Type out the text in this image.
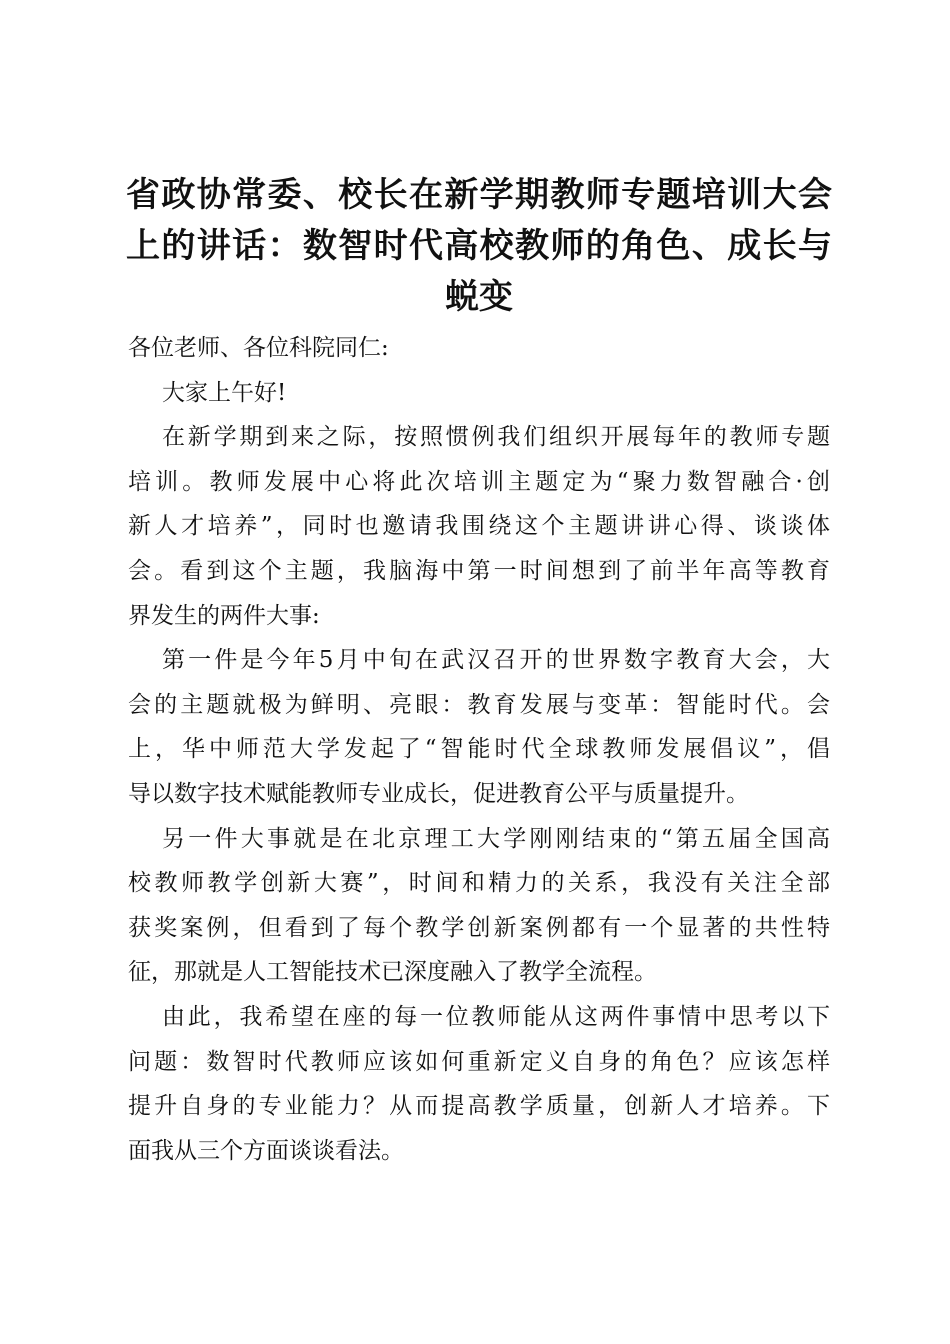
省政协常委、校长在新学期教师专题培训大会
上的讲话：数智时代高校教师的角色、成长与
蜕变
各位老师、各位科院同仁:
大家上午好!
在新学期到来之际，按照惯例我们组织开展每年的教师专题
培训。教师发展中心将此次培训主题定为“聚力数智融合·创
新人才培养”，同时也邀请我围绕这个主题讲讲心得、谈谈体
会。看到这个主题，我脑海中第一时间想到了前半年高等教育
界发生的两件大事:
第一件是今年5月中旬在武汉召开的世界数字教育大会，大
会的主题就极为鲜明、亮眼：教育发展与变革：智能时代。会
上，华中师范大学发起了“智能时代全球教师发展倡议”，倡
导以数字技术赋能教师专业成长，促进教育公平与质量提升。
另一件大事就是在北京理工大学刚刚结束的“第五届全国高
校教师教学创新大赛”，时间和精力的关系，我没有关注全部
获奖案例，但看到了每个教学创新案例都有一个显著的共性特
征，那就是人工智能技术已深度融入了教学全流程。
由此，我希望在座的每一位教师能从这两件事情中思考以下
问题：数智时代教师应该如何重新定义自身的角色？应该怎样
提升自身的专业能力？从而提高教学质量，创新人才培养。下
面我从三个方面谈谈看法。
